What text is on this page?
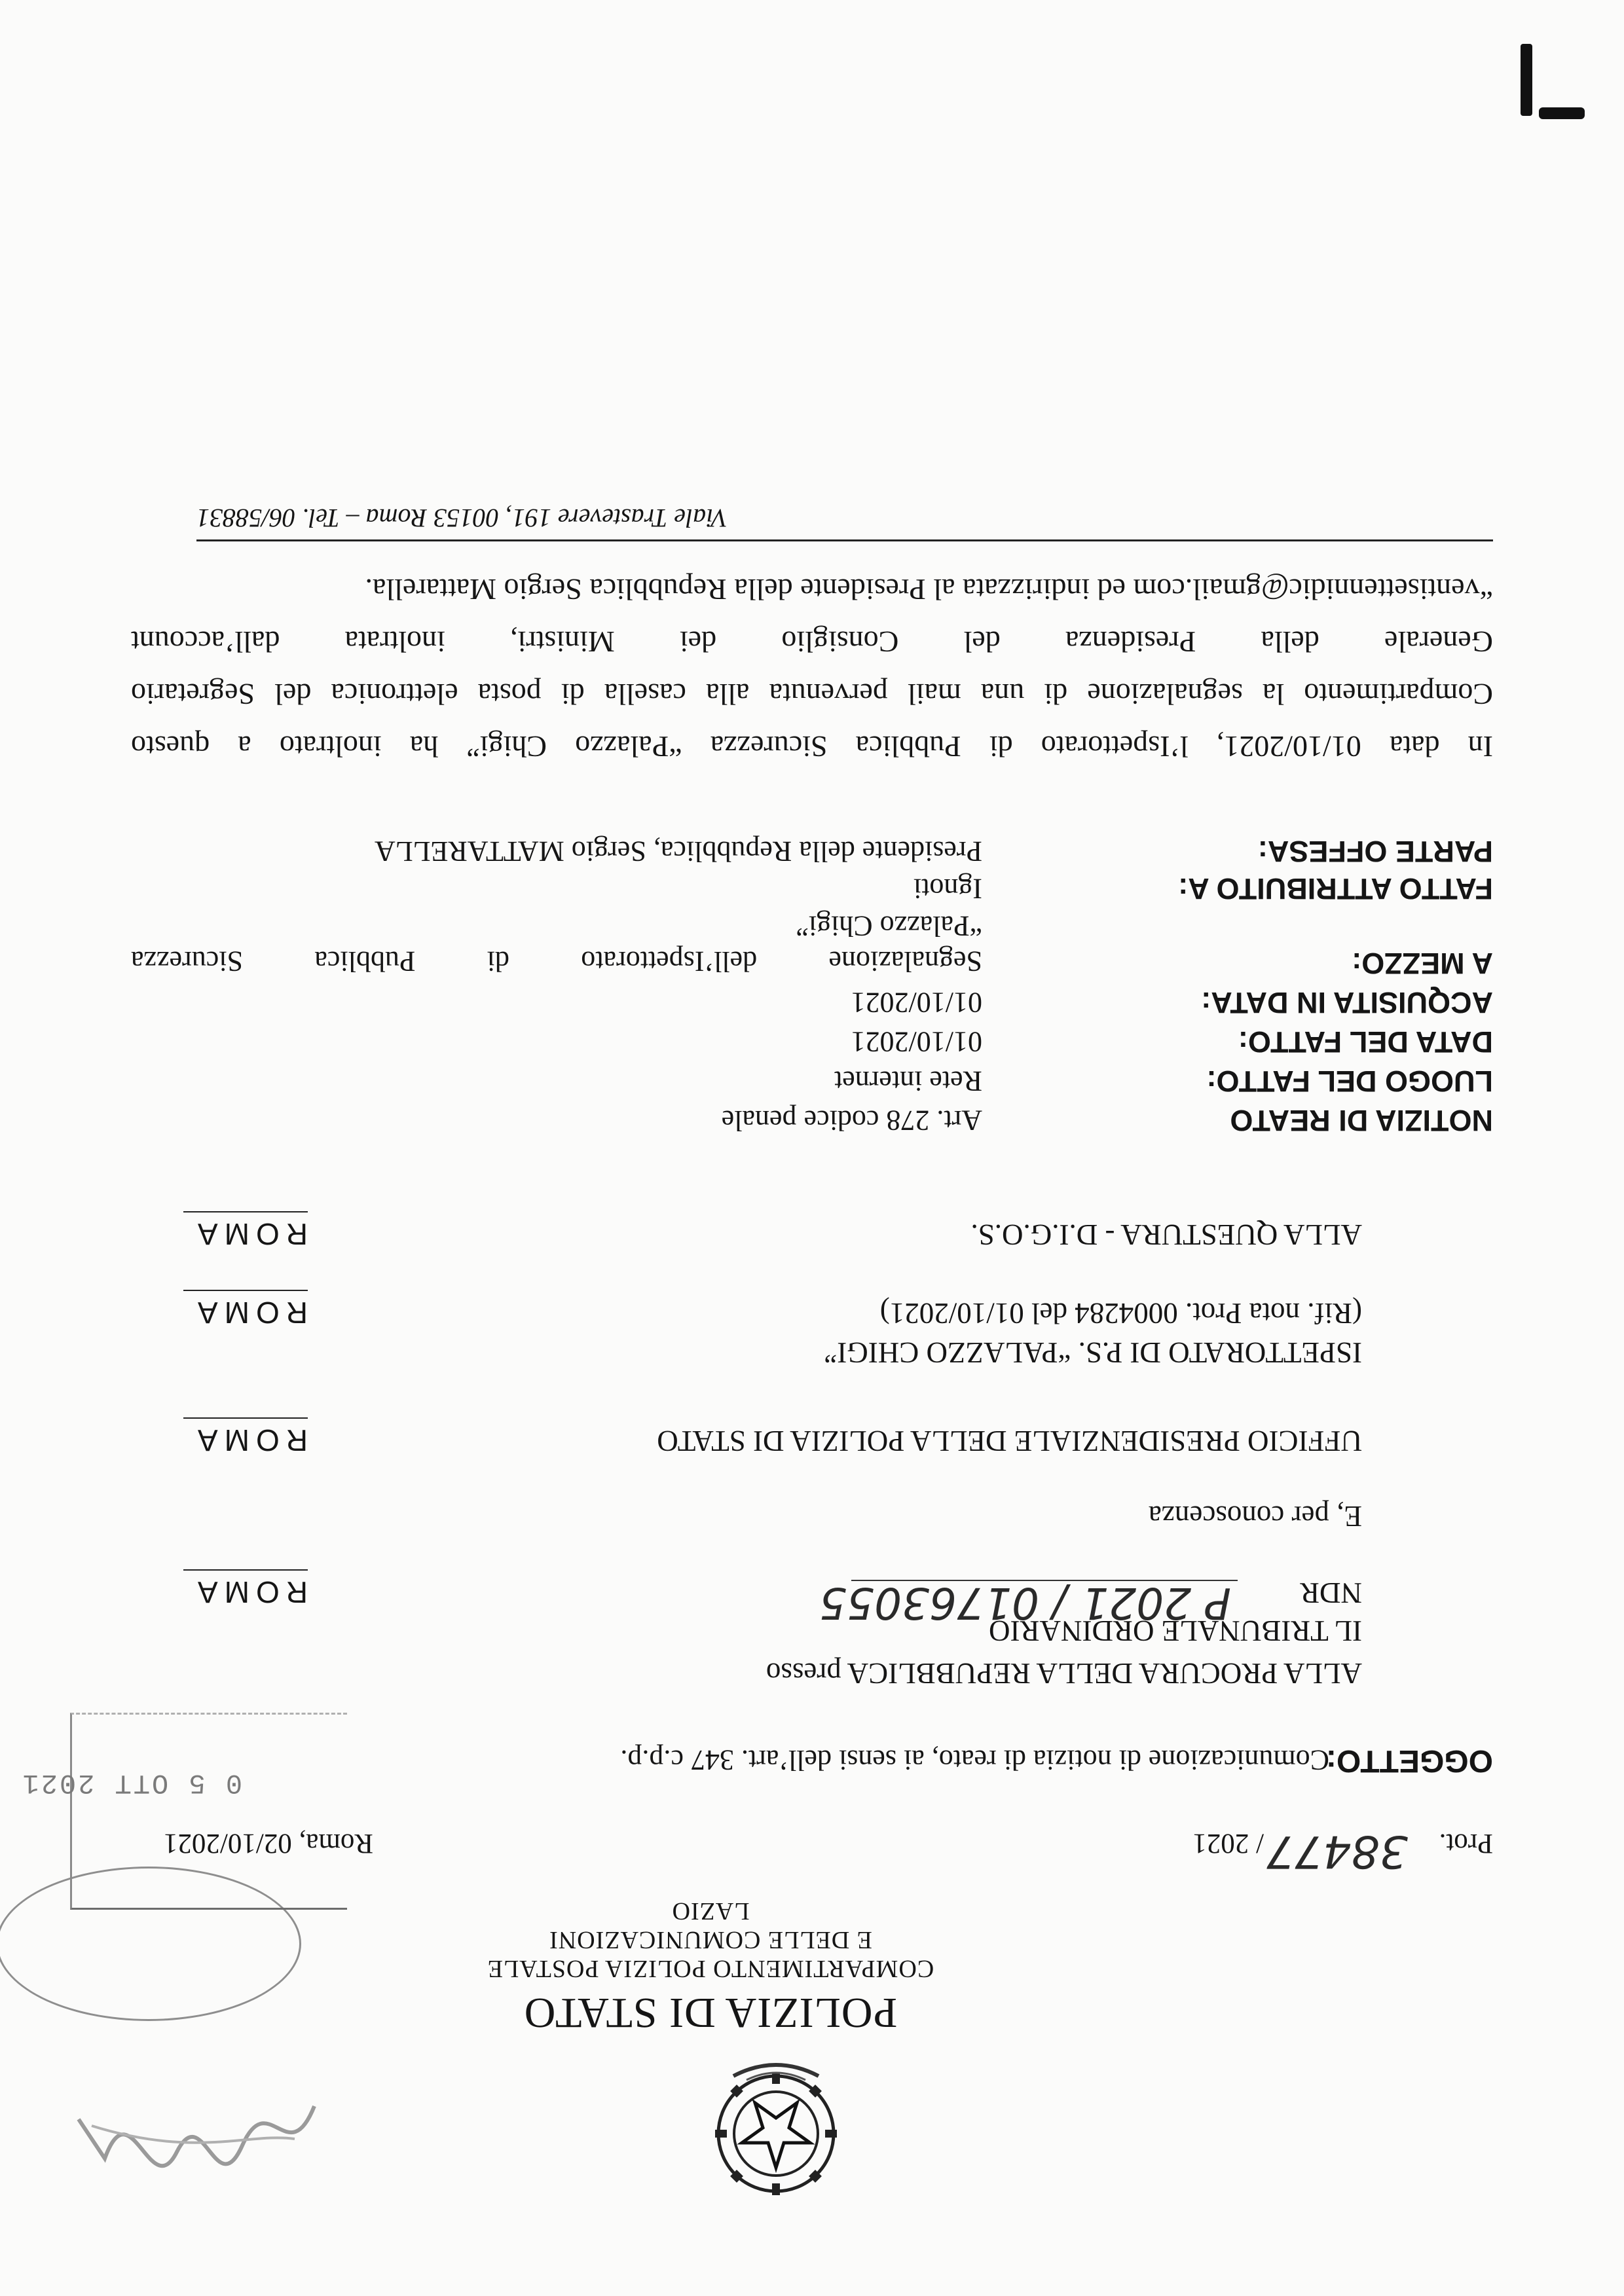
POLIZIA DI STATO
COMPARTIMENTO POLIZIA POSTALE
E DELLE COMUNICAZIONI
LAZIO
0 5 OTT 2021
Prot.
38477
/ 2021
Roma, 02/10/2021
OGGETTO:
Comunicazione di notizia di reato, ai sensi dell’art. 347 c.p.p.
ALLA PROCURA DELLA REPUBBLICA presso
IL TRIBUNALE ORDINARIO
NDR
P 2021 / 01763055
ROMA
E, per conoscenza
UFFICIO PRESIDENZIALE DELLA POLIZIA DI STATO
ROMA
ISPETTORATO DI P.S. “PALAZZO CHIGI”
(Rif. nota Prot. 0004284 del 01/10/2021)
ROMA
ALLA QUESTURA - D.I.G.O.S.
ROMA
NOTIZIA DI REATO
Art. 278 codice penale
LUOGO DEL FATTO:
Rete internet
DATA DEL FATTO:
01/10/2021
ACQUISITA IN DATA:
01/10/2021
A MEZZO:
Segnalazione dell’Ispettorato di Pubblica Sicurezza
“Palazzo Chigi”
FATTO ATTRIBUITO A:
Ignoti
PARTE OFFESA:
Presidente della Repubblica, Sergio MATTARELLA
In data 01/10/2021, l’Ispettorato di Pubblica Sicurezza “Palazzo Chigi” ha inoltrato a questo
Compartimento la segnalazione di una mail pervenuta alla casella di posta elettronica del Segretario
Generale della Presidenza del Consiglio dei Ministri, inoltrata dall’account
“ventisettennidic@gmail.com ed indirizzata al Presidente della Repubblica Sergio Mattarella.
Viale Trastevere 191, 00153 Roma – Tel. 06/58831
